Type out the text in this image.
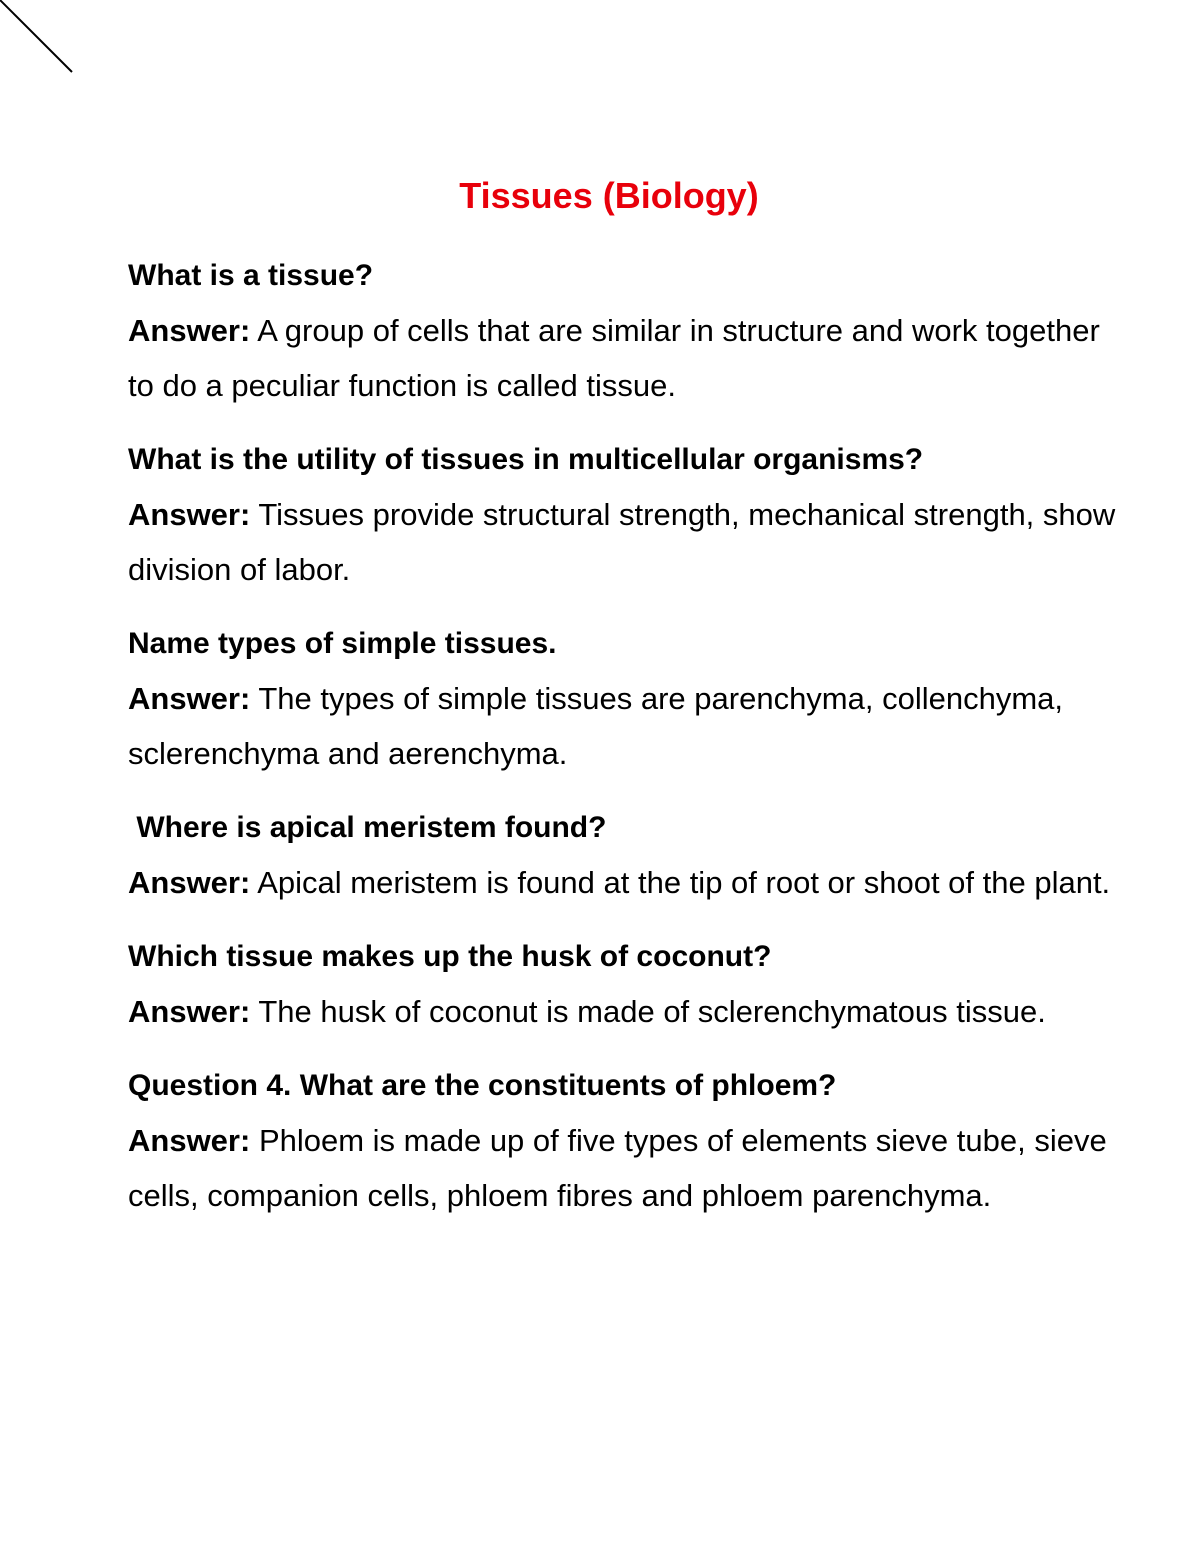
Tissues (Biology)

What is a tissue?

Answer: A group of cells that are similar in structure and work together to do a peculiar function is called tissue.

What is the utility of tissues in multicellular organisms?

Answer: Tissues provide structural strength, mechanical strength, show division of labor.

Name types of simple tissues.

Answer: The types of simple tissues are parenchyma, collenchyma, sclerenchyma and aerenchyma.

Where is apical meristem found?

Answer: Apical meristem is found at the tip of root or shoot of the plant.

Which tissue makes up the husk of coconut?

Answer: The husk of coconut is made of sclerenchymatous tissue.

Question 4. What are the constituents of phloem?

Answer: Phloem is made up of five types of elements sieve tube, sieve cells, companion cells, phloem fibres and phloem parenchyma.
